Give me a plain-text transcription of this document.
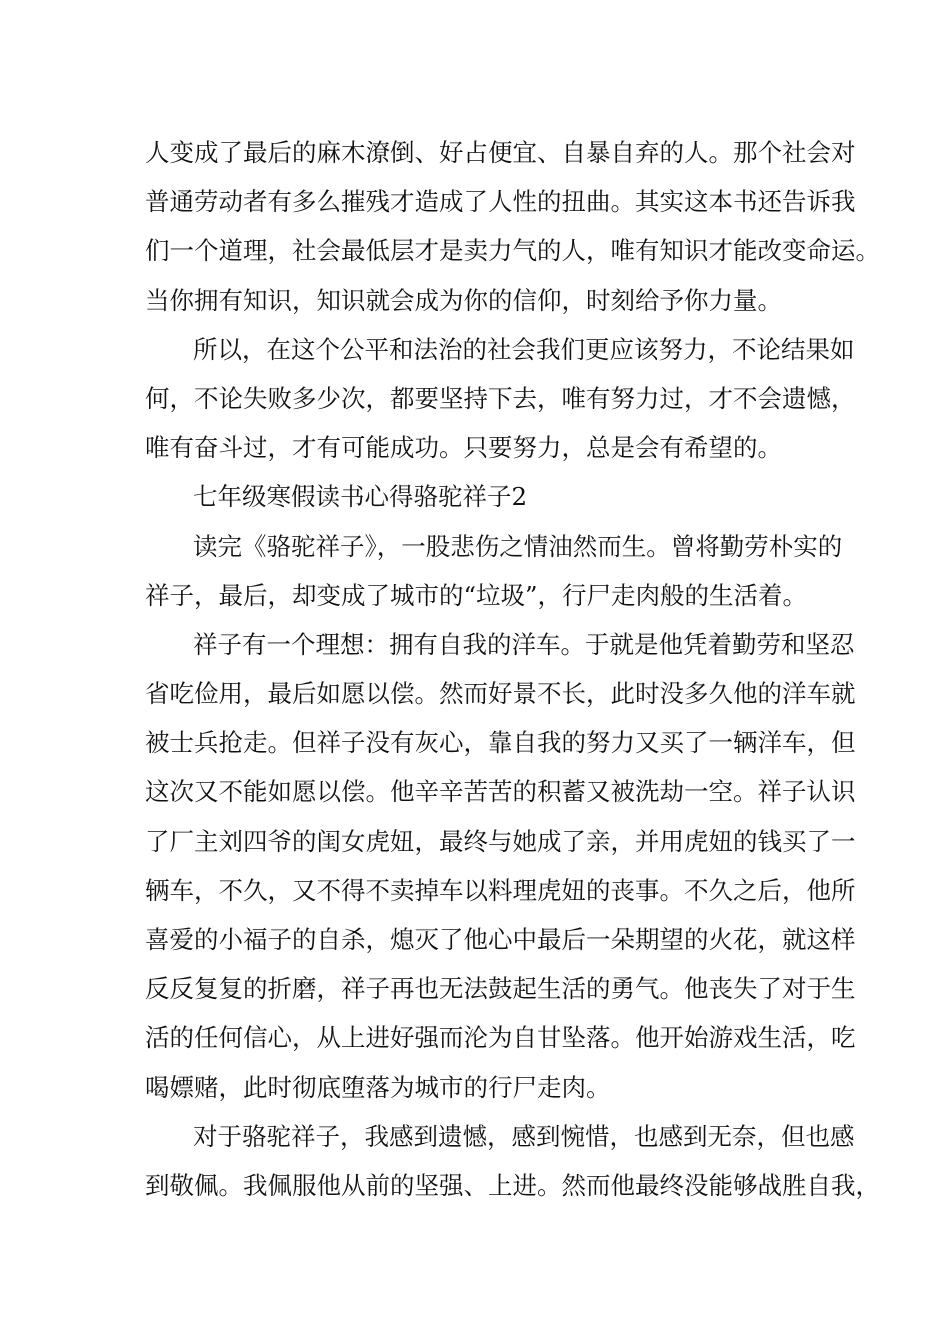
人变成了最后的麻木潦倒、好占便宜、自暴自弃的人。那个社会对
普通劳动者有多么摧残才造成了人性的扭曲。其实这本书还告诉我
们一个道理，社会最低层才是卖力气的人，唯有知识才能改变命运。
当你拥有知识，知识就会成为你的信仰，时刻给予你力量。
所以，在这个公平和法治的社会我们更应该努力，不论结果如
何，不论失败多少次，都要坚持下去，唯有努力过，才不会遗憾，
唯有奋斗过，才有可能成功。只要努力，总是会有希望的。
七年级寒假读书心得骆驼祥子2
读完《骆驼祥子》，一股悲伤之情油然而生。曾将勤劳朴实的
祥子，最后，却变成了城市的“垃圾”，行尸走肉般的生活着。
祥子有一个理想：拥有自我的洋车。于就是他凭着勤劳和坚忍
省吃俭用，最后如愿以偿。然而好景不长，此时没多久他的洋车就
被士兵抢走。但祥子没有灰心，靠自我的努力又买了一辆洋车，但
这次又不能如愿以偿。他辛辛苦苦的积蓄又被洗劫一空。祥子认识
了厂主刘四爷的闺女虎妞，最终与她成了亲，并用虎妞的钱买了一
辆车，不久，又不得不卖掉车以料理虎妞的丧事。不久之后，他所
喜爱的小福子的自杀，熄灭了他心中最后一朵期望的火花，就这样
反反复复的折磨，祥子再也无法鼓起生活的勇气。他丧失了对于生
活的任何信心，从上进好强而沦为自甘坠落。他开始游戏生活，吃
喝嫖赌，此时彻底堕落为城市的行尸走肉。
对于骆驼祥子，我感到遗憾，感到惋惜，也感到无奈，但也感
到敬佩。我佩服他从前的坚强、上进。然而他最终没能够战胜自我，
